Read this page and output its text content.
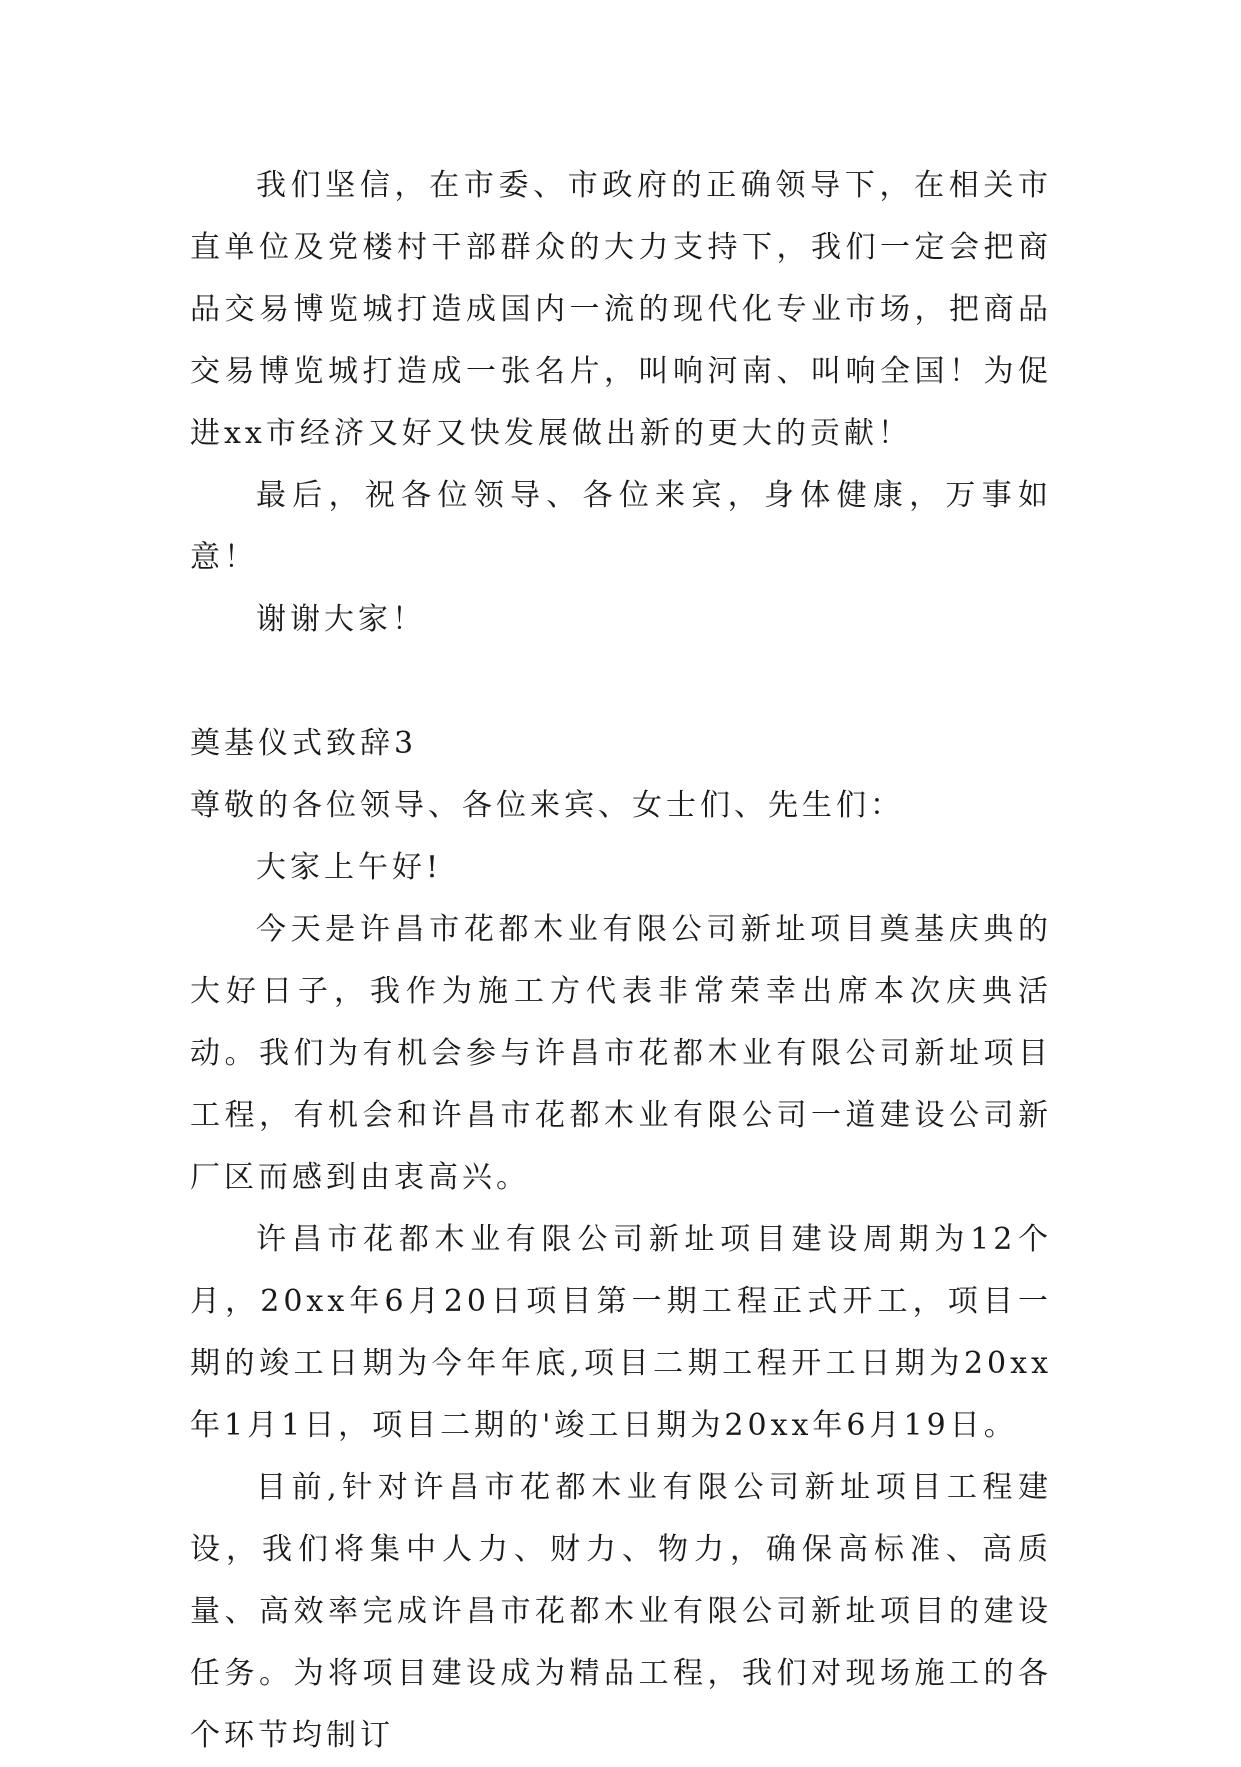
我们坚信，在市委、市政府的正确领导下，在相关市直单位及党楼村干部群众的大力支持下，我们一定会把商品交易博览城打造成国内一流的现代化专业市场，把商品交易博览城打造成一张名片，叫响河南、叫响全国！为促进xx市经济又好又快发展做出新的更大的贡献！

最后，祝各位领导、各位来宾，身体健康，万事如意！

谢谢大家！

奠基仪式致辞3

尊敬的各位领导、各位来宾、女士们、先生们：

大家上午好!

今天是许昌市花都木业有限公司新址项目奠基庆典的大好日子，我作为施工方代表非常荣幸出席本次庆典活动。我们为有机会参与许昌市花都木业有限公司新址项目工程，有机会和许昌市花都木业有限公司一道建设公司新厂区而感到由衷高兴。

许昌市花都木业有限公司新址项目建设周期为12个月，20xx年6月20日项目第一期工程正式开工，项目一期的竣工日期为今年年底,项目二期工程开工日期为20xx年1月1日，项目二期的'竣工日期为20xx年6月19日。

目前,针对许昌市花都木业有限公司新址项目工程建设，我们将集中人力、财力、物力，确保高标准、高质量、高效率完成许昌市花都木业有限公司新址项目的建设任务。为将项目建设成为精品工程，我们对现场施工的各个环节均制订
